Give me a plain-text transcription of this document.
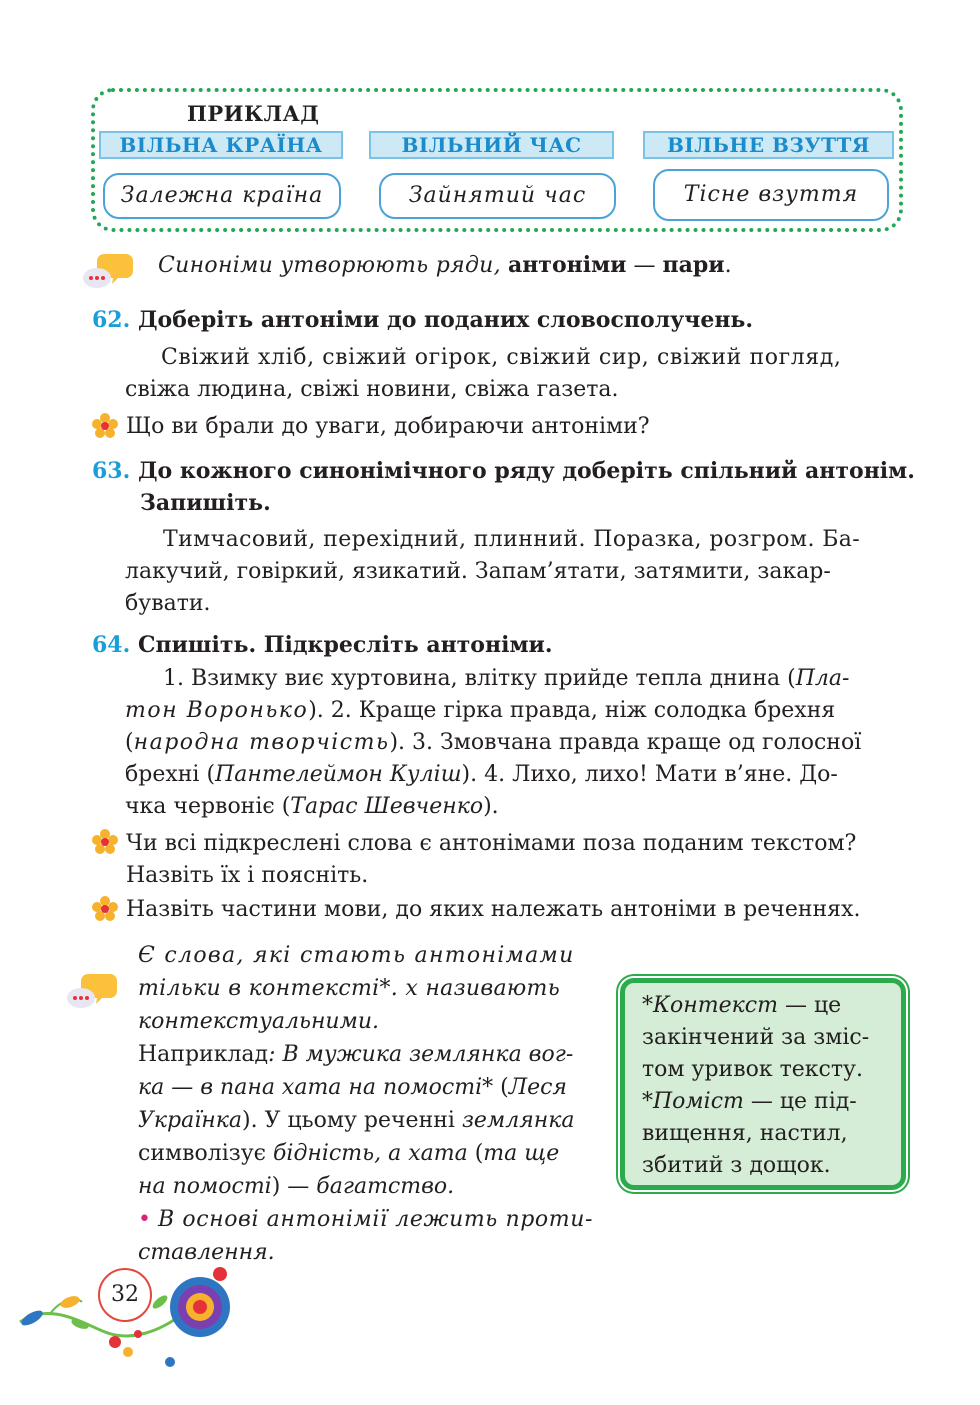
ПРИКЛАД
ВІЛЬНА КРАЇНА	ВІЛЬНИЙ ЧАС	ВІЛЬНЕ ВЗУТТЯ
Залежна країна	Зайнятий час	Тісне взуття
Синоніми утворюють ряди, антоніми — пари.
62. Доберіть антоніми до поданих словосполучень.
Свіжий хліб, свіжий огірок, свіжий сир, свіжий погляд,
свіжа людина, свіжі новини, свіжа газета.
Що ви брали до уваги, добираючи антоніми?
63. До кожного синонімічного ряду доберіть спільний антонім.
Запишіть.
Тимчасовий, перехідний, плинний. Поразка, розгром. Ба-
лакучий, говіркий, язикатий. Запам’ятати, затямити, закар-
бувати.
64. Спишіть. Підкресліть антоніми.
1. Взимку виє хуртовина, влітку прийде тепла днина (Пла-
тон Воронько). 2. Краще гірка правда, ніж солодка брехня
(народна творчість). 3. Змовчана правда краще од голосної
брехні (Пантелеймон Куліш). 4. Лихо, лихо! Мати в’яне. До-
чка червоніє (Тарас Шевченко).
Чи всі підкреслені слова є антонімами поза поданим текстом?
Назвіть їх і поясніть.
Назвіть частини мови, до яких належать антоніми в реченнях.
Є слова, які стають антонімами
тільки в контексті*. х називають
контекстуальними.
Наприклад: В мужика землянка вог-
ка — в пана хата на помості* (Леся
Українка). У цьому реченні землянка
символізує бідність, а хата (та ще
на помості) — багатство.
• В основі антонімії лежить проти-
ставлення.
*Контекст — це
закінчений за зміс-
том уривок тексту.
*Поміст — це під-
вищення, настил,
збитий з дощок.
32
